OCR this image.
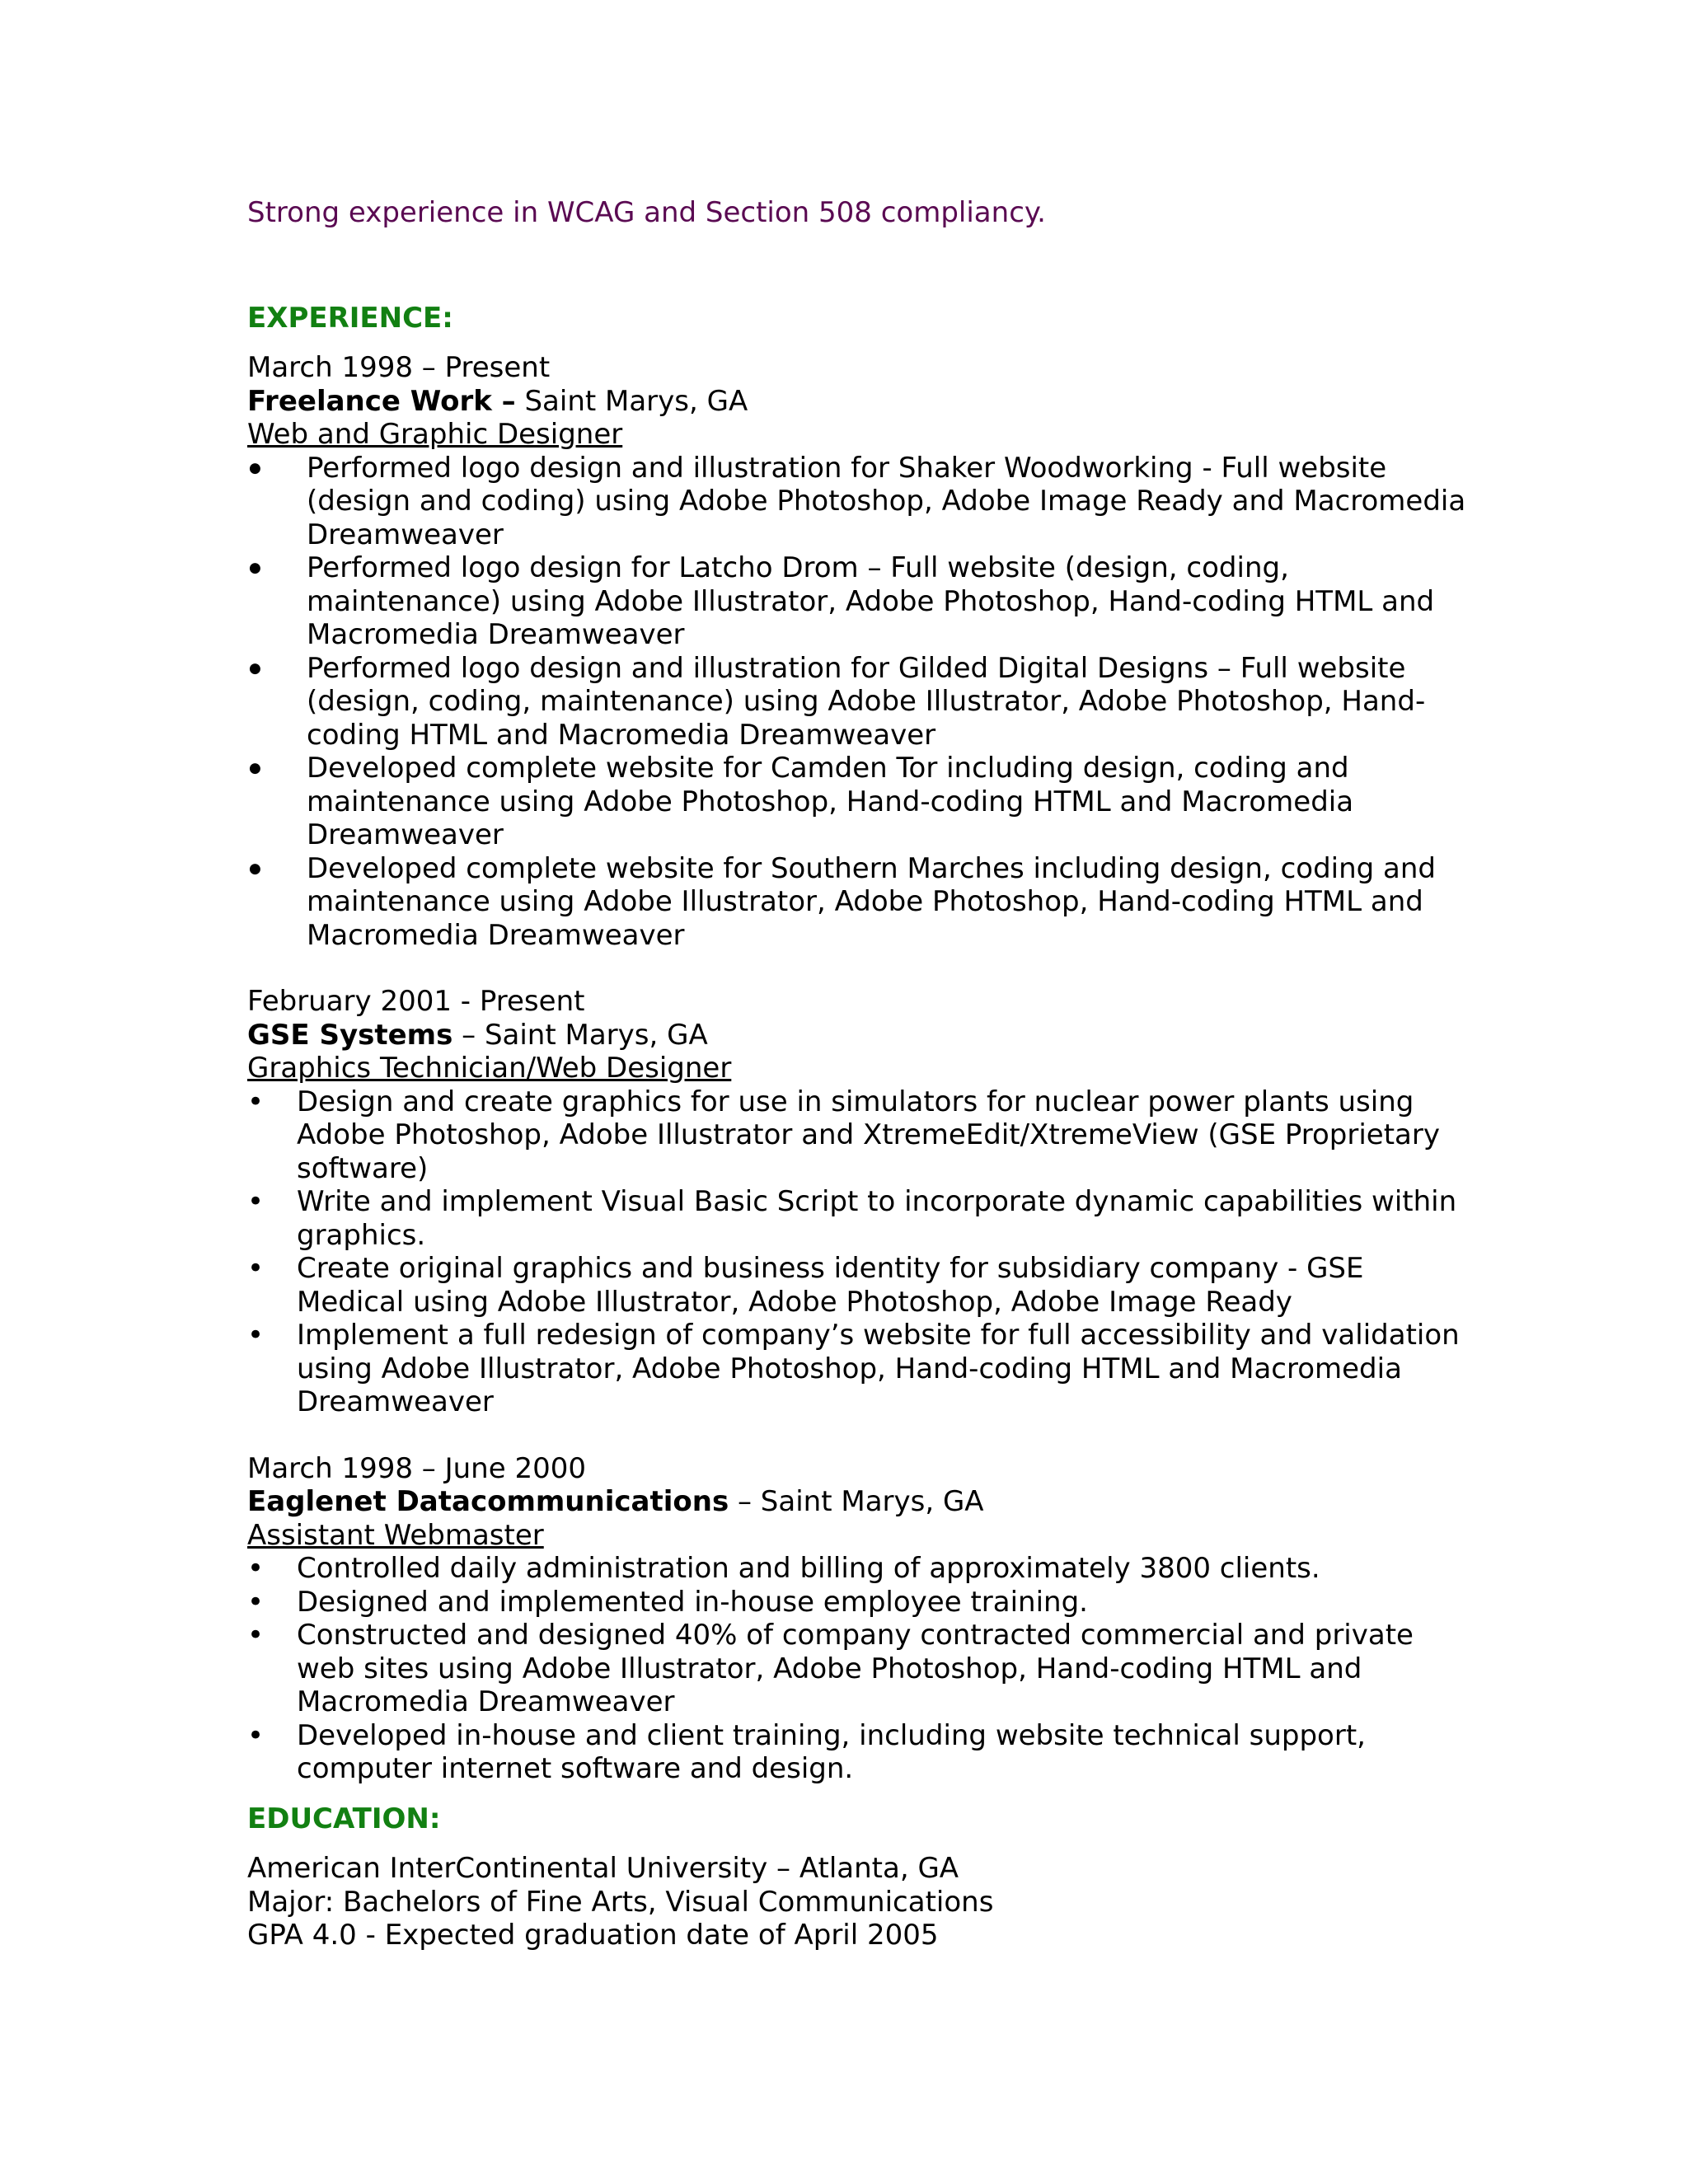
Strong experience in WCAG and Section 508 compliancy.
EXPERIENCE:
March 1998 – Present
Freelance Work – Saint Marys, GA
Web and Graphic Designer
● Performed logo design and illustration for Shaker Woodworking - Full website (design and coding) using Adobe Photoshop, Adobe Image Ready and Macromedia Dreamweaver
● Performed logo design for Latcho Drom – Full website (design, coding, maintenance) using Adobe Illustrator, Adobe Photoshop, Hand-coding HTML and Macromedia Dreamweaver
● Performed logo design and illustration for Gilded Digital Designs – Full website (design, coding, maintenance) using Adobe Illustrator, Adobe Photoshop, Hand-coding HTML and Macromedia Dreamweaver
● Developed complete website for Camden Tor including design, coding and maintenance using Adobe Photoshop, Hand-coding HTML and Macromedia Dreamweaver
● Developed complete website for Southern Marches including design, coding and maintenance using Adobe Illustrator, Adobe Photoshop, Hand-coding HTML and Macromedia Dreamweaver
February 2001 - Present
GSE Systems – Saint Marys, GA
Graphics Technician/Web Designer
• Design and create graphics for use in simulators for nuclear power plants using Adobe Photoshop, Adobe Illustrator and XtremeEdit/XtremeView (GSE Proprietary software)
• Write and implement Visual Basic Script to incorporate dynamic capabilities within graphics.
• Create original graphics and business identity for subsidiary company - GSE Medical using Adobe Illustrator, Adobe Photoshop, Adobe Image Ready
• Implement a full redesign of company’s website for full accessibility and validation using Adobe Illustrator, Adobe Photoshop, Hand-coding HTML and Macromedia Dreamweaver
March 1998 – June 2000
Eaglenet Datacommunications – Saint Marys, GA
Assistant Webmaster
• Controlled daily administration and billing of approximately 3800 clients.
• Designed and implemented in-house employee training.
• Constructed and designed 40% of company contracted commercial and private web sites using Adobe Illustrator, Adobe Photoshop, Hand-coding HTML and Macromedia Dreamweaver
• Developed in-house and client training, including website technical support, computer internet software and design.
EDUCATION:
American InterContinental University – Atlanta, GA
Major: Bachelors of Fine Arts, Visual Communications
GPA 4.0 - Expected graduation date of April 2005
